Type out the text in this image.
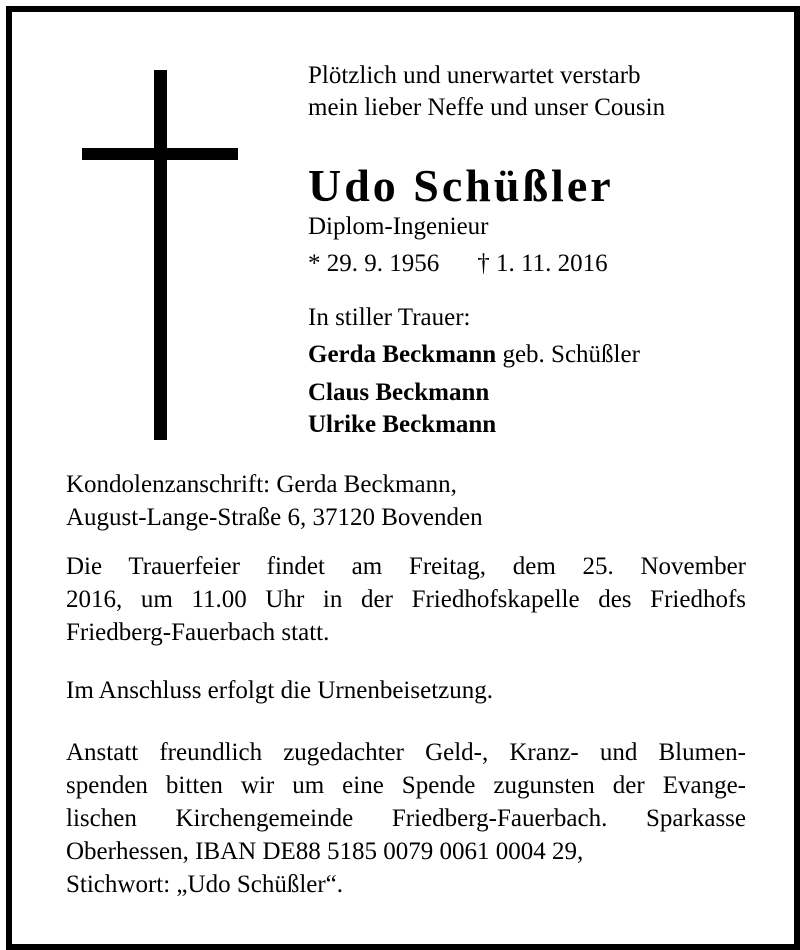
Plötzlich und unerwartet verstarb
mein lieber Neffe und unser Cousin
Udo Schüßler
Diplom-Ingenieur
* 29. 9. 1956 † 1. 11. 2016
In stiller Trauer:
Gerda Beckmann geb. Schüßler
Claus Beckmann
Ulrike Beckmann
Kondolenzanschrift: Gerda Beckmann,
August-Lange-Straße 6, 37120 Bovenden
Die Trauerfeier findet am Freitag, dem 25. November
2016, um 11.00 Uhr in der Friedhofskapelle des Friedhofs
Friedberg-Fauerbach statt.
Im Anschluss erfolgt die Urnenbeisetzung.
Anstatt freundlich zugedachter Geld-, Kranz- und Blumen-
spenden bitten wir um eine Spende zugunsten der Evange-
lischen Kirchengemeinde Friedberg-Fauerbach. Sparkasse
Oberhessen, IBAN DE88 5185 0079 0061 0004 29,
Stichwort: „Udo Schüßler“.
